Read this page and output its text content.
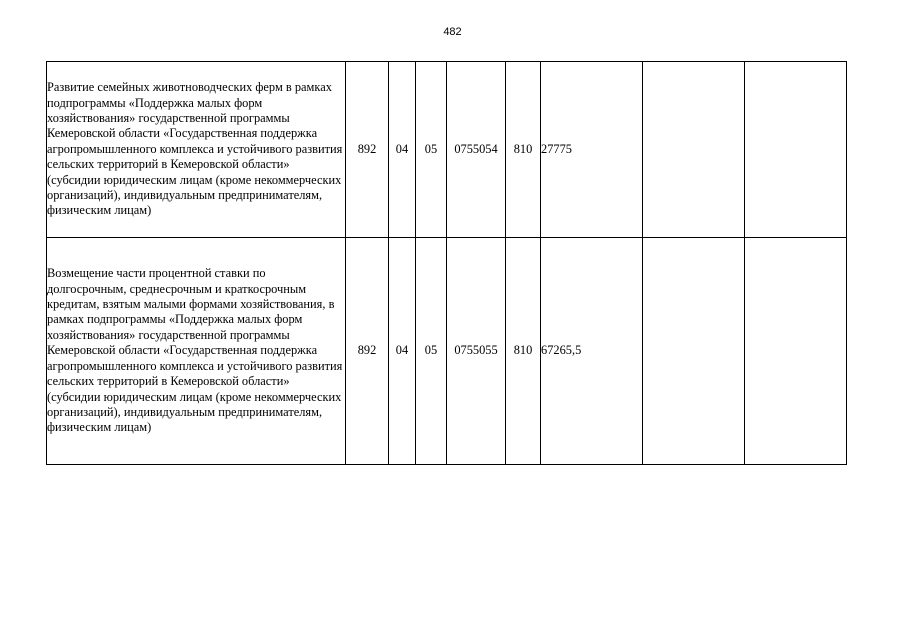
482
Развитие семейных животноводческих ферм в рамках подпрограммы «Поддержка малых форм хозяйствования» государственной программы Кемеровской области «Государственная поддержка агропромышленного комплекса и устойчивого развития сельских территорий в Кемеровской области» (субсидии юридическим лицам (кроме некоммерческих организаций), индивидуальным предпринимателям, физическим лицам)	892	04	05	0755054	810	27775		
Возмещение части процентной ставки по долгосрочным, среднесрочным и краткосрочным кредитам, взятым малыми формами хозяйствования, в рамках подпрограммы «Поддержка малых форм хозяйствования» государственной программы Кемеровской области «Государственная поддержка агропромышленного комплекса и устойчивого развития сельских территорий в Кемеровской области» (субсидии юридическим лицам (кроме некоммерческих организаций), индивидуальным предпринимателям, физическим лицам)	892	04	05	0755055	810	67265,5		
